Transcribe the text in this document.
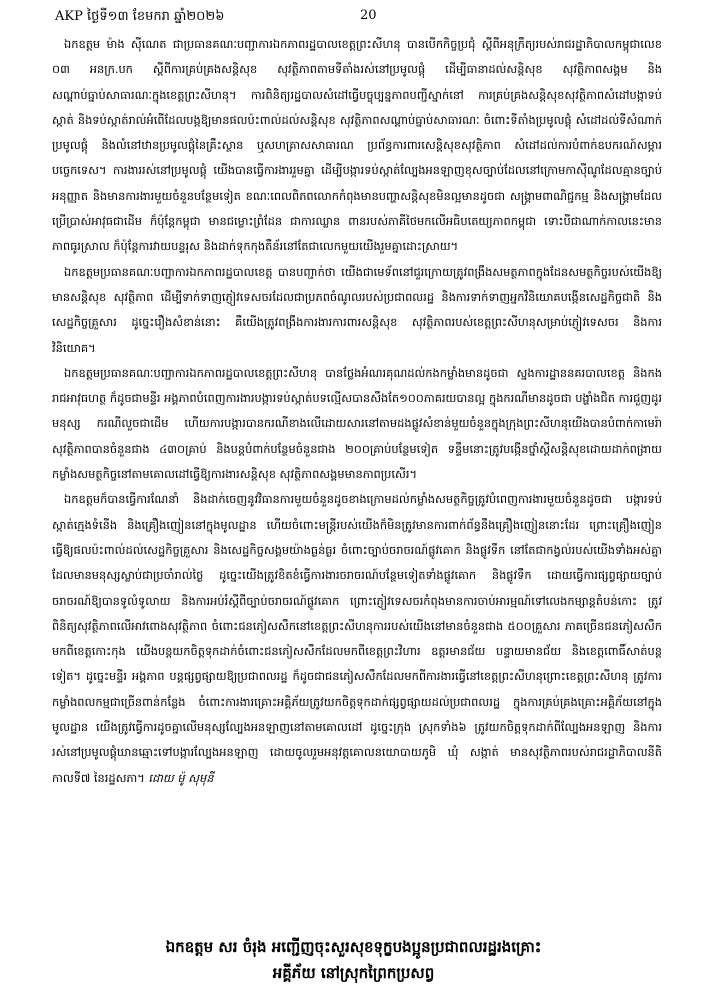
AKP ថ្ងៃទី១៣ ខែមករា ឆ្នាំ២០២៦	20

ឯកឧត្តម ម៉ាង ស៊ីណេត ជាប្រធានគណៈបញ្ជាការឯកភាពរដ្ឋបាលខេត្តព្រះសីហនុ បានបើកកិច្ចប្រជុំ ស្តីពីអនុក្រឹត្យរបស់រាជរដ្ឋាភិបាលកម្ពុជាលេខ ០៣ អនក្រ.បក ស្តីពីការគ្រប់គ្រងសន្តិសុខ សុវត្ថិភាពតាមទីតាំងរស់នៅប្រមូលផ្តុំ ដើម្បីធានាដល់សន្តិសុខ សុវត្ថិភាពសង្គម និងសណ្តាប់ធ្នាប់សាធារណៈក្នុងខេត្តព្រះសីហនុ។ ការពិនិត្យរដ្ឋបាលសំដៅធ្វើបច្ចុប្បន្នភាពបញ្ជីស្នាក់នៅ ការគ្រប់គ្រងសន្តិសុខសុវត្ថិភាពសំដៅបង្កាទប់ស្កាត់ និងទប់ស្កាត់រាល់អំពើដែលបង្កឱ្យមានផលប៉ះពាល់ដល់សន្តិសុខ សុវត្ថិភាពសណ្តាប់ធ្នាប់សាធារណៈ ចំពោះទីតាំងប្រមូលផ្តុំ សំដៅដល់ទីសំណាក់ប្រមូលផ្តុំ និងលំនៅឋានប្រមូលផ្តុំនៃគ្រឹះស្ថាន ឬសហគ្រាសសាធារណ ប្រព័ន្ធការពារសេន្តិសុខសុវត្ថិភាព សំដៅដល់ការបំពាក់ឧបករណ៍សម្ភារបច្ចេកទេស។ ការងាររស់នៅប្រមូលផ្តុំ យើងបានធ្វើការងាររួមគ្នា ដើម្បីបង្ការទប់ស្កាត់ល្បែងអនឡាញខុសច្បាប់ដែលនៅក្រោមកាស៊ីណូដែលគ្មានច្បាប់អនុញ្ញាត និងមានការងារមួយចំនួនបន្ថែមទៀត ខណៈពេលពិភពលោកកំពុងមានបញ្ហាសន្តិសុខមិនល្អមានដូចជា សង្គ្រាមពាណិជ្ជកម្ម និងសង្គ្រាមដែលប្រើប្រាស់អាវុធជាដើម ក៏ប៉ុន្តែកម្ពុជា មានជម្លោះព្រំដែន ជាការឈ្លាន ពានរបស់ភាគីថៃមកលើអធិបតេយ្យភាពកម្ពុជា ទោះបីជាណាក់កាលនេះមានភាពធូរស្រាល ក៏ប៉ុន្តែការវាយបន្ទរុស និងដាក់ទុកកុងតឺន័រនៅតែជាលេកមួយយើងរួមគ្នាដោះស្រាយ។

ឯកឧត្តមប្រធានគណៈបញ្ជាការឯកភាពរដ្ឋបាលខេត្ត បានបញ្ជាក់ថា យើងជាមេទ័ពនៅជួរក្រោយត្រូវពង្រឹងសមត្ថភាពក្នុងដែនសមត្ថកិច្ចរបស់យើងឱ្យមានសន្តិសុខ សុវត្ថិភាព ដើម្បីទាក់ទាញភ្ញៀវទេសចរដែលជាប្រភពចំណូលរបស់ប្រជាពលរដ្ឋ និងការទាក់ទាញអ្នកវិនិយោគបង្កើនសេដ្ឋកិច្ចជាតិ និងសេដ្ឋកិច្ចគ្រួសារ ដូច្នេះរឿងសំខាន់នោះ គឺយើងត្រូវពង្រឹងការងារការពារសន្តិសុខ សុវត្ថិភាពរបស់ខេត្តព្រះសីហនុសម្រាប់ភ្ញៀវទេសចរ និងការវិនិយោគ។

ឯកឧត្តមប្រធានគណៈបញ្ជាការឯកភាពរដ្ឋបាលខេត្តព្រះសីហនុ បានថ្លែងអំណរគុណដល់កងកម្លាំងមានដូចជា ស្នងការដ្ឋាននគរបាលខេត្ត និងកងរាជអាវុធហត្ថ ក៏ដូចជាមន្ទីរ អង្គភាពបំពេញការងារបង្ការទប់ស្កាត់បទល្មើសបានសឹងតែ១០០ភាគរយបានល្អ ក្នុងករណីមានដូចជា បង្ហាំងជិត ការជួញដូរមនុស្ស ករណីលួចជាដើម ហើយការបង្ការបានករណីខាងលើដោយសារនៅតាមដងផ្លូវសំខាន់មួយចំនួនក្នុងក្រុងព្រះសីហនុយើងបានបំពាក់កាមេរ៉ាសុវត្ថិភាពបានចំនួនជាង ៤៣០គ្រាប់ និងបន្តបំពាក់បន្ថែមចំនួនជាង ២០០គ្រាប់បន្ថែមទៀត ទន្ទឹមនោះត្រូវបង្កើនថ្នាំស្តីសន្តិសុខដោយដាក់ពង្រាយកម្លាំងសមត្ថកិច្ចនៅតាមគោលដៅធ្វើឱ្យការងារសន្តិសុខ សុវត្ថិភាពសង្គមមានភាពប្រសើរ។

ឯកឧត្តមក៏បានធ្វើការណែនាំ និងដាក់ចេញនូវវិធានការមួយចំនួនដូចខាងក្រោមដល់កម្លាំងសមត្ថកិច្ចត្រូវបំពេញការងារមួយចំនួនដូចជា បង្ការទប់ស្កាត់ក្មេងទំនើង និងគ្រឿងញៀននៅក្នុងមូលដ្ឋាន ហើយចំពោះមន្ត្រីរបស់យើងក៏មិនត្រូវមានការពាក់ព័ន្ធនឹងគ្រឿងញៀននោះដែរ ព្រោះគ្រឿងញៀនធ្វើឱ្យផលប៉ះពាល់ដល់សេដ្ឋកិច្ចគ្រួសារ និងសេដ្ឋកិច្ចសង្គមយ៉ាងធ្ងន់ធ្ងរ ចំពោះច្បាប់ចរាចរណ៍ផ្លូវគោក និងផ្លូវទឹក នៅតែជាកង្វល់របស់យើងទាំងអស់គ្នាដែលមានមនុស្សស្លាប់ជាប្រចាំរាល់ថ្ងៃ ដូច្នេះយើងត្រូវខិតខំធ្វើការងារចរាចរណ៍បន្ថែមទៀតទាំងផ្លូវគោក និងផ្លូវទឹក ដោយធ្វើការផ្សព្វផ្សាយច្បាប់ចរាចរណ៍ឱ្យបានទូលំទូលាយ និងការអប់រំស្តីពីច្បាប់ចរាចរណ៍ផ្លូវគោក ព្រោះភ្ញៀវទេសចរកំពុងមានការចាប់អារម្មណ៍ទៅលេងកម្សាន្តតំបន់កោះ ត្រូវពិនិត្យសុវត្ថិភាពលើអាវពោងសុវត្ថិភាព ចំពោះជនភៀសសឹកនៅខេត្តព្រះសីហនុការរបស់យើងនៅមានចំនួនជាង ៥០០គ្រួសារ ភាគច្រើនជនភៀសសឹកមកពីខេត្តកោះកុង យើងបន្តយកចិត្តទុកដាក់ចំពោះជនភៀសសឹកដែលមកពីខេត្តព្រះវិហារ ឧត្តរមានជ័យ បន្ទាយមានជ័យ និងខេត្តពោធិ៍សាត់បន្តទៀត។ ដូច្នេះមន្ទីរ អង្គភាព បន្តផ្សព្វផ្សាយឱ្យប្រជាពលរដ្ឋ ក៏ដូចជាជនភៀសសឹកដែលមកពីការងារធ្វើនៅខេត្តព្រះសីហនុព្រោះខេត្តព្រះសីហនុ ត្រូវការកម្លាំងពលកម្មជាច្រើនពាន់កន្លែង ចំពោះការងារគ្រោះអគ្គិភ័យត្រូវយកចិត្តទុកដាក់ផ្សព្វផ្សាយដល់ប្រជាពលរដ្ឋ ក្នុងការគ្រប់គ្រងគ្រោះអគ្គិភ័យនៅក្នុងមូលដ្ឋាន យើងត្រូវធ្វើការដូចគ្នាលើមនុស្សល្បែងអនឡាញនៅតាមគោលដៅ ដូច្នេះក្រុង ស្រុកទាំង៦ ត្រូវយកចិត្តទុកដាក់ពីល្បែងអនឡាញ និងការរស់នៅប្រមូលផ្តុំឃានឆ្មោះទៅបង្ការល្បែងអនឡាញ ដោយចូលរួមអនុវត្តគោលនយោបាយភូមិ ឃុំ សង្កាត់ មានសុវត្ថិភាពរបស់រាជរដ្ឋាភិបាលនីតិកាលទី៧ នៃរដ្ឋសភា។ ដោយ ម៉ូ សុមុនី

ឯកឧត្តម សរ ចំរុង អញ្ជើញចុះសួរសុខទុក្ខបងប្អូនប្រជាពលរដ្ឋរងគ្រោះ
អគ្គីភ័យ នៅស្រុកព្រៃកប្រសព្វ
